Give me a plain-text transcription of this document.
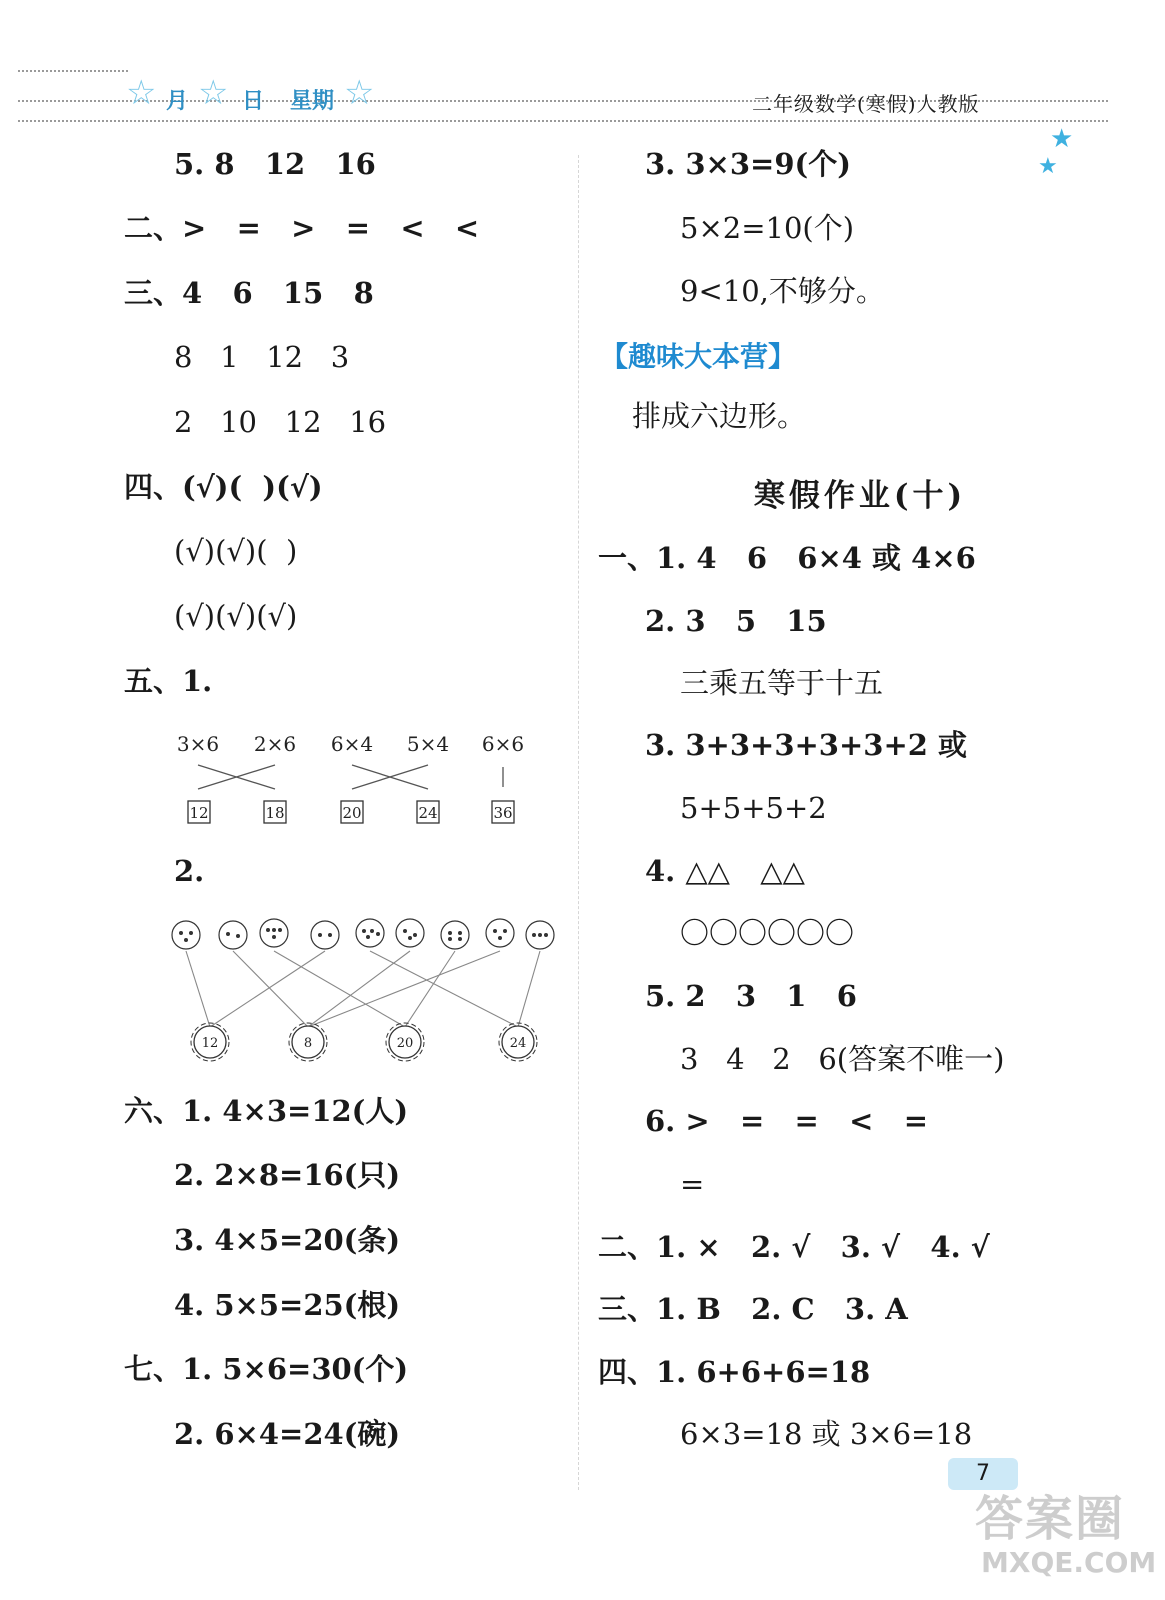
☆ 月 ☆ 日 星期 ☆	二年级数学(寒假)人教版
★
★
5. 8   12   16
二、>   =   >   =   <   <
三、4   6   15   8
8   1   12   3
2   10   12   16
四、(√)(  )(√)
(√)(√)(  )
(√)(√)(√)
五、1.
3×6 2×6 6×4 5×4 6×6
12	18	20	24	36
2.
12	8	20	24
六、1. 4×3=12(人)
2. 2×8=16(只)
3. 4×5=20(条)
4. 5×5=25(根)
七、1. 5×6=30(个)
2. 6×4=24(碗)
3. 3×3=9(个)
5×2=10(个)
9<10,不够分。
【趣味大本营】
排成六边形。
寒假作业(十)
一、1. 4   6   6×4 或 4×6
2. 3   5   15
三乘五等于十五
3. 3+3+3+3+3+2 或
5+5+5+2
4. △△   △△
〇〇〇〇〇〇
5. 2   3   1   6
3   4   2   6(答案不唯一)
6. >   =   =   <   =
=
二、1. ×   2. √   3. √   4. √
三、1. B   2. C   3. A
四、1. 6+6+6=18
6×3=18 或 3×6=18
7
答案圈
MXQE.COM
